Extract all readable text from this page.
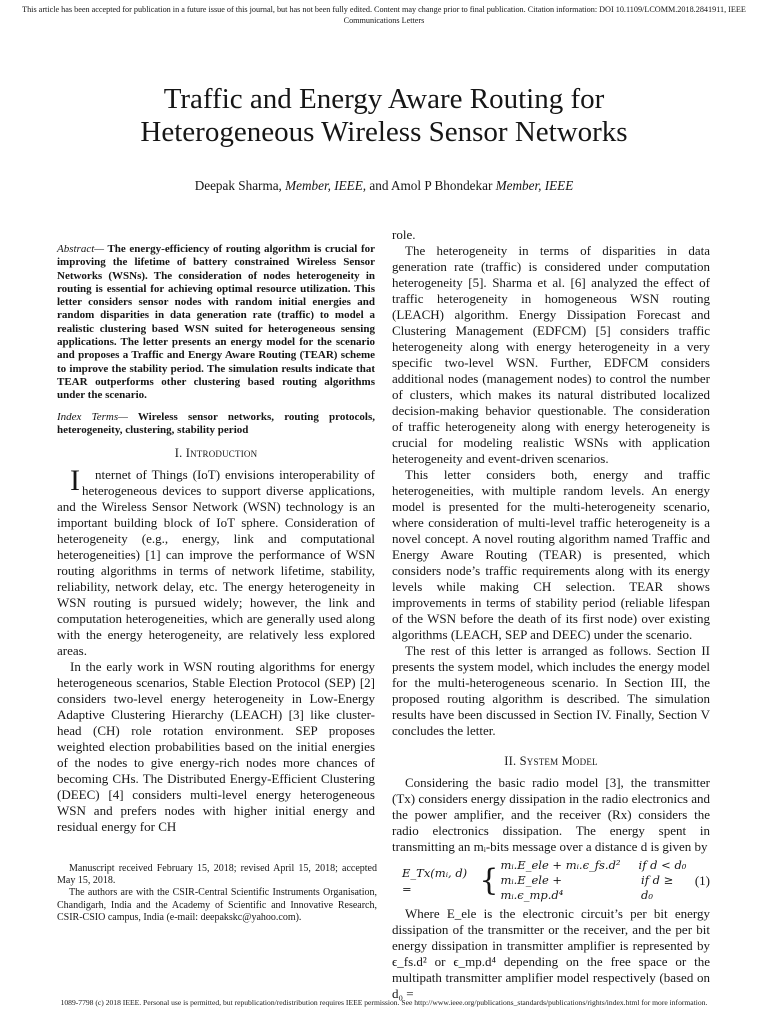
This article has been accepted for publication in a future issue of this journal, but has not been fully edited. Content may change prior to final publication. Citation information: DOI 10.1109/LCOMM.2018.2841911, IEEE Communications Letters
Traffic and Energy Aware Routing for
Heterogeneous Wireless Sensor Networks
Deepak Sharma, Member, IEEE, and Amol P Bhondekar Member, IEEE
Abstract— The energy-efficiency of routing algorithm is crucial for improving the lifetime of battery constrained Wireless Sensor Networks (WSNs). The consideration of nodes heterogeneity in routing is essential for achieving optimal resource utilization. This letter considers sensor nodes with random initial energies and random disparities in data generation rate (traffic) to model a realistic clustering based WSN suited for heterogeneous sensing applications. The letter presents an energy model for the scenario and proposes a Traffic and Energy Aware Routing (TEAR) scheme to improve the stability period. The simulation results indicate that TEAR outperforms other clustering based routing algorithms under the scenario.
Index Terms— Wireless sensor networks, routing protocols, heterogeneity, clustering, stability period
I. Introduction

I nternet of Things (IoT) envisions interoperability of heterogeneous devices to support diverse applications, and the Wireless Sensor Network (WSN) technology is an important building block of IoT sphere. Consideration of heterogeneity (e.g., energy, link and computational heterogeneities) [1] can improve the performance of WSN routing algorithms in terms of network lifetime, stability, reliability, network delay, etc. The energy heterogeneity in WSN routing is pursued widely; however, the link and computation heterogeneities, which are generally used along with the energy heterogeneity, are relatively less explored areas.

In the early work in WSN routing algorithms for energy heterogeneous scenarios, Stable Election Protocol (SEP) [2] considers two-level energy heterogeneity in Low-Energy Adaptive Clustering Hierarchy (LEACH) [3] like cluster-head (CH) role rotation environment. SEP proposes weighted election probabilities based on the initial energies of the nodes to give energy-rich nodes more chances of becoming CHs. The Distributed Energy-Efficient Clustering (DEEC) [4] considers multi-level energy heterogeneous WSN and prefers nodes with higher initial energy and residual energy for CH

role.

The heterogeneity in terms of disparities in data generation rate (traffic) is considered under computation heterogeneity [5]. Sharma et al. [6] analyzed the effect of traffic heterogeneity in homogeneous WSN routing (LEACH) algorithm. Energy Dissipation Forecast and Clustering Management (EDFCM) [5] considers traffic heterogeneity along with energy heterogeneity in a very specific two-level WSN. Further, EDFCM considers additional nodes (management nodes) to control the number of clusters, which makes its natural distributed localized decision-making behavior questionable. The consideration of traffic heterogeneity along with energy heterogeneity is crucial for modeling realistic WSNs with application heterogeneity and event-driven scenarios.

This letter considers both, energy and traffic heterogeneities, with multiple random levels. An energy model is presented for the multi-heterogeneity scenario, where consideration of multi-level traffic heterogeneity is a novel concept. A novel routing algorithm named Traffic and Energy Aware Routing (TEAR) is presented, which considers node’s traffic requirements along with its energy levels while making CH selection. TEAR shows improvements in terms of stability period (reliable lifespan of the WSN before the death of its first node) over existing algorithms (LEACH, SEP and DEEC) under the scenario.

The rest of this letter is arranged as follows. Section II presents the system model, which includes the energy model for the multi-heterogeneous scenario. In Section III, the proposed routing algorithm is described. The simulation results have been discussed in Section IV. Finally, Section V concludes the letter.

II. System Model

Considering the basic radio model [3], the transmitter (Tx) considers energy dissipation in the radio electronics and the power amplifier, and the receiver (Rx) considers the radio electronics dissipation. The energy spent in transmitting an mᵢ-bits message over a distance d is given by

E_Tx(mᵢ, d) =	{ mᵢ.E_ele + mᵢ.ϵ_fs.d² if d < d₀
mᵢ.E_ele + mᵢ.ϵ_mp.d⁴
if d ≥ d₀
(1)

Where E_ele is the electronic circuit’s per bit energy dissipation of the transmitter or the receiver, and the per bit energy dissipation in transmitter amplifier is represented by ϵ_fs.d² or ϵ_mp.d⁴ depending on the free space or the multipath transmitter amplifier model respectively (based on d₀ =

Manuscript received February 15, 2018; revised April 15, 2018; accepted May 15, 2018.

The authors are with the CSIR-Central Scientific Instruments Organisation, Chandigarh, India and the Academy of Scientific and Innovative Research, CSIR-CSIO campus, India (e-mail: deepakskc@yahoo.com).

1089-7798 (c) 2018 IEEE. Personal use is permitted, but republication/redistribution requires IEEE permission. See http://www.ieee.org/publications_standards/publications/rights/index.html for more information.
